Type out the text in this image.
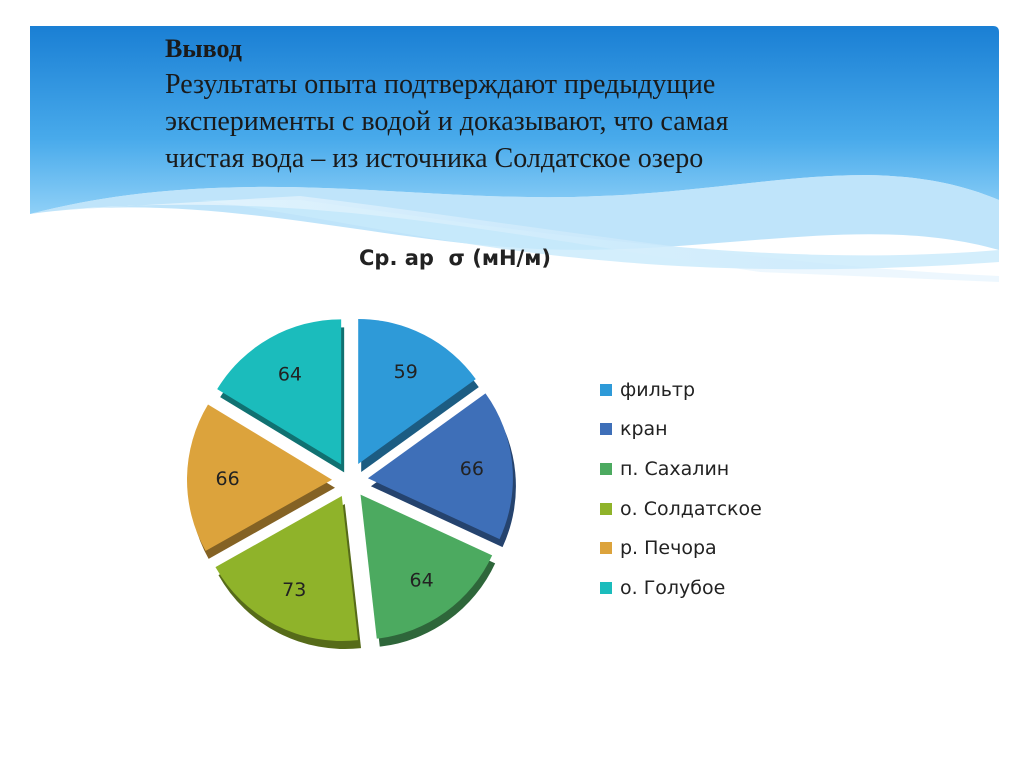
Вывод

Результаты опыта подтверждают предыдущие

эксперименты с водой и доказывают, что самая

чистая вода – из источника Солдатское озеро

Ср. ар  σ (мН/м)
59
66
64
73
66
64
фильтр
кран
п. Сахалин
о. Солдатское
р. Печора
о. Голубое
